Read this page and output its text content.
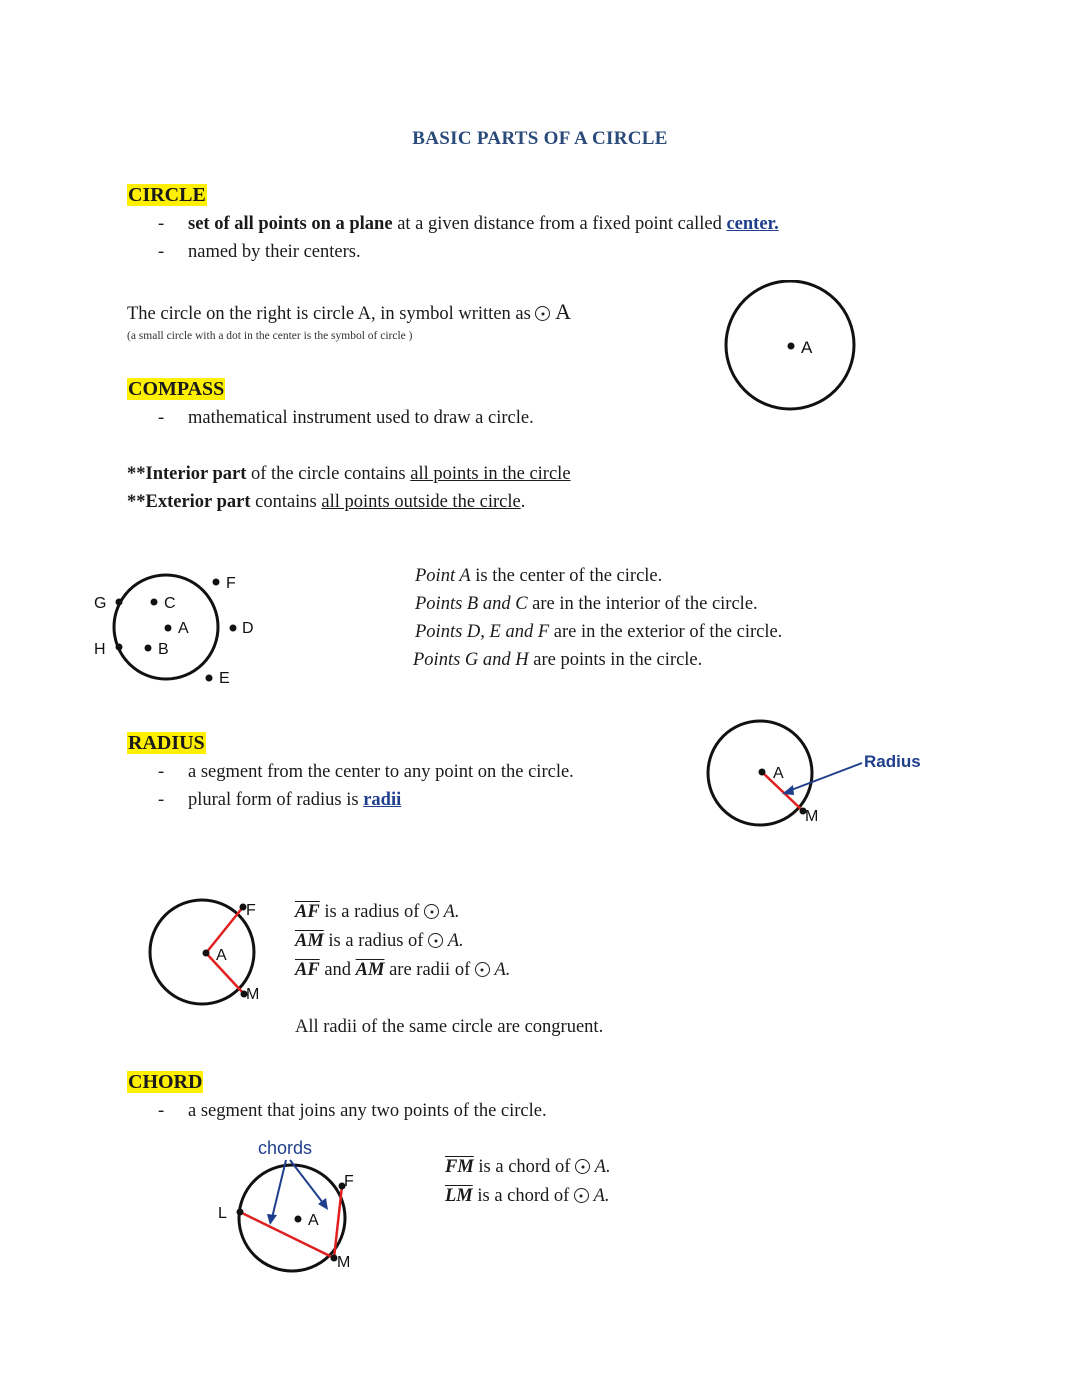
BASIC PARTS OF A CIRCLE
CIRCLE
- set of all points on a plane at a given distance from a fixed point called center.
- named by their centers.
The circle on the right is circle A, in symbol written as A
(a small circle with a dot in the center is the symbol of circle )
A
COMPASS
- mathematical instrument used to draw a circle.
**Interior part of the circle contains all points in the circle
**Exterior part contains all points outside the circle.
G
H
C
A
B
F
D
E
Point A is the center of the circle.
Points B and C are in the interior of the circle.
Points D, E and F are in the exterior of the circle.
Points G and H are points in the circle.
RADIUS
- a segment from the center to any point on the circle.
- plural form of radius is radii
A
M
Radius
F
A
M
$\overline{AF}$ is a radius of  A.
$\overline{AM}$ is a radius of  A.
$\overline{AF}$ and $\overline{AM}$ are radii of  A.
All radii of the same circle are congruent.
CHORD
- a segment that joins any two points of the circle.
chords
F
L	A
M
$\overline{FM}$ is a chord of  A.
$\overline{LM}$ is a chord of  A.
